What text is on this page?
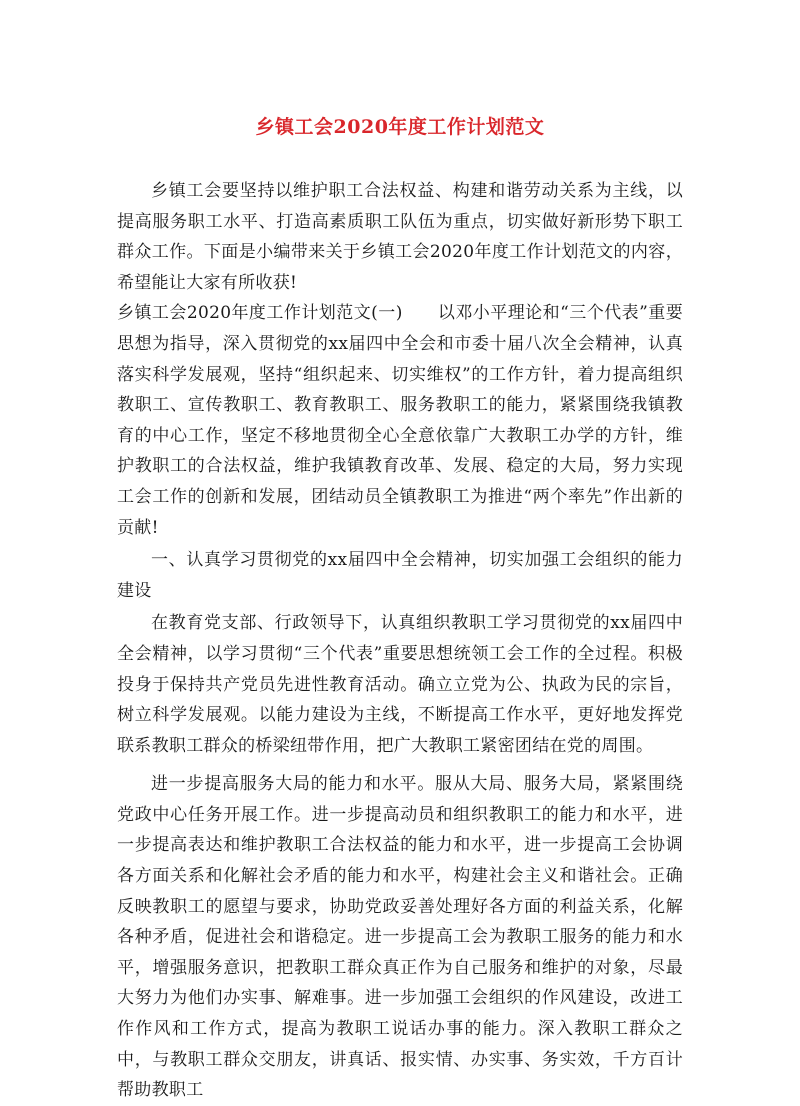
乡镇工会2020年度工作计划范文

乡镇工会要坚持以维护职工合法权益、构建和谐劳动关系为主线，以提高服务职工水平、打造高素质职工队伍为重点，切实做好新形势下职工群众工作。下面是小编带来关于乡镇工会2020年度工作计划范文的内容，希望能让大家有所收获!

乡镇工会2020年度工作计划范文(一) 以邓小平理论和“三个代表”重要思想为指导，深入贯彻党的xx届四中全会和市委十届八次全会精神，认真落实科学发展观，坚持“组织起来、切实维权”的工作方针，着力提高组织教职工、宣传教职工、教育教职工、服务教职工的能力，紧紧围绕我镇教育的中心工作，坚定不移地贯彻全心全意依靠广大教职工办学的方针，维护教职工的合法权益，维护我镇教育改革、发展、稳定的大局，努力实现工会工作的创新和发展，团结动员全镇教职工为推进“两个率先”作出新的贡献!

一、认真学习贯彻党的xx届四中全会精神，切实加强工会组织的能力建设

在教育党支部、行政领导下，认真组织教职工学习贯彻党的xx届四中全会精神，以学习贯彻“三个代表”重要思想统领工会工作的全过程。积极投身于保持共产党员先进性教育活动。确立立党为公、执政为民的宗旨，树立科学发展观。以能力建设为主线，不断提高工作水平，更好地发挥党联系教职工群众的桥梁纽带作用，把广大教职工紧密团结在党的周围。

进一步提高服务大局的能力和水平。服从大局、服务大局，紧紧围绕党政中心任务开展工作。进一步提高动员和组织教职工的能力和水平，进一步提高表达和维护教职工合法权益的能力和水平，进一步提高工会协调各方面关系和化解社会矛盾的能力和水平，构建社会主义和谐社会。正确反映教职工的愿望与要求，协助党政妥善处理好各方面的利益关系，化解各种矛盾，促进社会和谐稳定。进一步提高工会为教职工服务的能力和水平，增强服务意识，把教职工群众真正作为自己服务和维护的对象，尽最大努力为他们办实事、解难事。进一步加强工会组织的作风建设，改进工作作风和工作方式，提高为教职工说话办事的能力。深入教职工群众之中，与教职工群众交朋友，讲真话、报实情、办实事、务实效，千方百计帮助教职工
